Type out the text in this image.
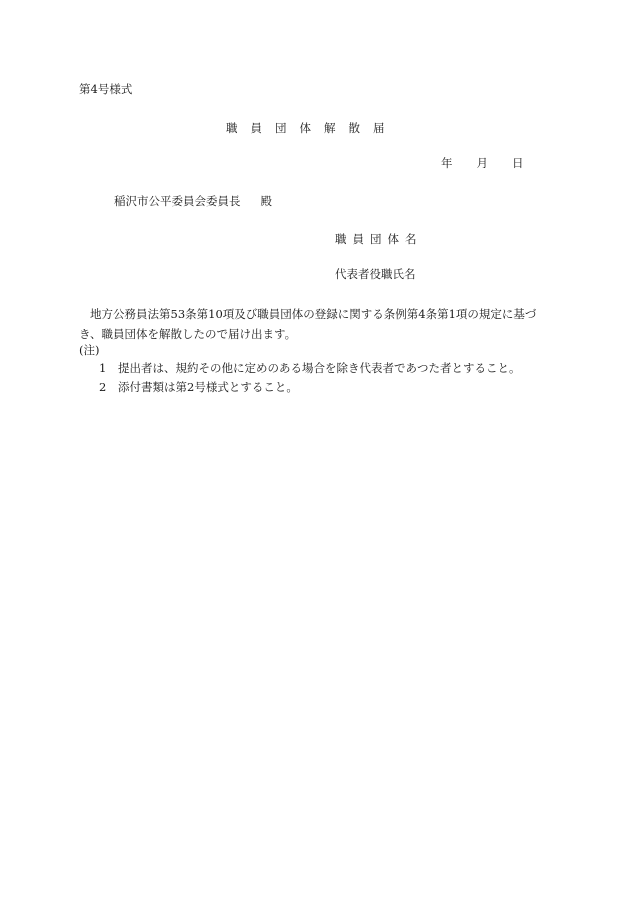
第4号様式
職員団体解散届
年 月 日
稲沢市公平委員会委員長 殿
職員団体名
代表者役職氏名
地方公務員法第53条第10項及び職員団体の登録に関する条例第4条第1項の規定に基づき、職員団体を解散したので届け出ます。
(注)
1 提出者は、規約その他に定めのある場合を除き代表者であつた者とすること。
2 添付書類は第2号様式とすること。
